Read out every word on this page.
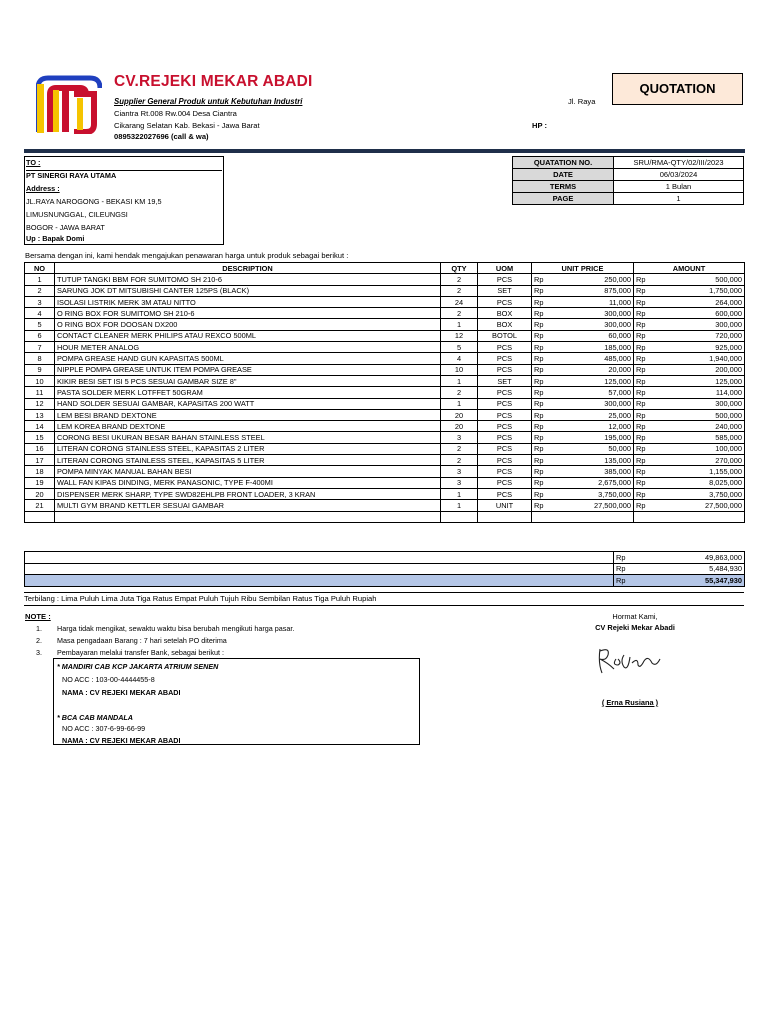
CV.REJEKI MEKAR ABADI
Supplier General Produk untuk Kebutuhan Industri
Ciantra Rt.008 Rw.004 Desa Ciantra
Cikarang Selatan Kab. Bekasi - Jawa Barat
0895322027696 (call & wa)
Jl. Raya
HP :
QUOTATION
TO :
PT SINERGI RAYA UTAMA
Address :
JL.RAYA NAROGONG - BEKASI KM 19,5
LIMUSNUNGGAL, CILEUNGSI
BOGOR - JAWA BARAT
Up : Bapak Domi
QUATATION NO.	SRU/RMA-QTY/02/III/2023
DATE	06/03/2024
TERMS	1 Bulan
PAGE	1
Bersama dengan ini, kami hendak mengajukan penawaran harga untuk produk sebagai berikut :
NO	DESCRIPTION	QTY	UOM	UNIT PRICE		AMOUNT	
1	TUTUP TANGKI BBM FOR SUMITOMO SH 210-6	2	PCS	Rp	250,000	Rp	500,000
2	SARUNG JOK DT MITSUBISHI CANTER 125PS (BLACK)	2	SET	Rp	875,000	Rp	1,750,000
3	ISOLASI LISTRIK MERK 3M ATAU NITTO	24	PCS	Rp	11,000	Rp	264,000
4	O RING BOX FOR SUMITOMO SH 210-6	2	BOX	Rp	300,000	Rp	600,000
5	O RING BOX FOR DOOSAN DX200	1	BOX	Rp	300,000	Rp	300,000
6	CONTACT CLEANER MERK PHILIPS ATAU REXCO 500ML	12	BOTOL	Rp	60,000	Rp	720,000
7	HOUR METER ANALOG	5	PCS	Rp	185,000	Rp	925,000
8	POMPA GREASE HAND GUN KAPASITAS 500ML	4	PCS	Rp	485,000	Rp	1,940,000
9	NIPPLE POMPA GREASE UNTUK ITEM POMPA GREASE	10	PCS	Rp	20,000	Rp	200,000
10	KIKIR BESI SET ISI 5 PCS SESUAI GAMBAR SIZE 8"	1	SET	Rp	125,000	Rp	125,000
11	PASTA SOLDER MERK LOTFFET 50GRAM	2	PCS	Rp	57,000	Rp	114,000
12	HAND SOLDER SESUAI GAMBAR, KAPASITAS 200 WATT	1	PCS	Rp	300,000	Rp	300,000
13	LEM BESI BRAND DEXTONE	20	PCS	Rp	25,000	Rp	500,000
14	LEM KOREA BRAND DEXTONE	20	PCS	Rp	12,000	Rp	240,000
15	CORONG BESI UKURAN BESAR BAHAN STAINLESS STEEL	3	PCS	Rp	195,000	Rp	585,000
16	LITERAN CORONG STAINLESS STEEL, KAPASITAS 2 LITER	2	PCS	Rp	50,000	Rp	100,000
17	LITERAN CORONG STAINLESS STEEL, KAPASITAS 5 LITER	2	PCS	Rp	135,000	Rp	270,000
18	POMPA MINYAK MANUAL BAHAN BESI	3	PCS	Rp	385,000	Rp	1,155,000
19	WALL FAN KIPAS DINDING, MERK PANASONIC, TYPE F-400MI	3	PCS	Rp	2,675,000	Rp	8,025,000
20	DISPENSER MERK SHARP, TYPE SWD82EHLPB FRONT LOADER, 3 KRAN	1	PCS	Rp	3,750,000	Rp	3,750,000
21	MULTI GYM BRAND KETTLER SESUAI GAMBAR	1	UNIT	Rp	27,500,000	Rp	27,500,000

	Rp	49,863,000
	Rp	5,484,930
	Rp	55,347,930
Terbilang : Lima Puluh Lima Juta Tiga Ratus Empat Puluh Tujuh Ribu Sembilan Ratus Tiga Puluh Rupiah
NOTE :
1. Harga tidak mengikat, sewaktu waktu bisa berubah mengikuti harga pasar.
2. Masa pengadaan Barang : 7 hari setelah PO diterima
3. Pembayaran melalui transfer Bank, sebagai berikut :
* MANDIRI CAB KCP JAKARTA ATRIUM SENEN
NO ACC : 103-00-4444455-8
NAMA : CV REJEKI MEKAR ABADI
* BCA CAB MANDALA
NO ACC : 307-6-99-66-99
NAMA : CV REJEKI MEKAR ABADI
Hormat Kami,
CV Rejeki Mekar Abadi
( Erna Rusiana )
